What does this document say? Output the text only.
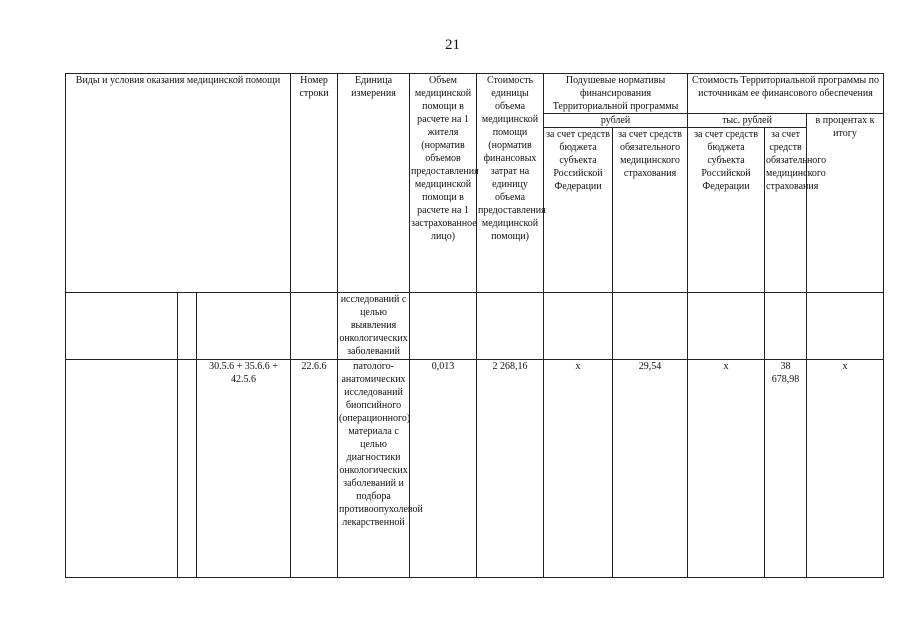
21
Виды и условия оказания медицинской помощи			Номер строки	Единица измерения	Объем медицинской помощи в расчете на 1 жителя (норматив объемов предоставления медицинской помощи в расчете на 1 застрахованное лицо)	Стоимость единицы объема медицинской помощи (норматив финансовых затрат на единицу объема предоставления медицинской помощи)	Подушевые нормативы финансирования Территориальной программы		Стоимость Территориальной программы по источникам ее финансового обеспечения		
							рублей		тыс. рублей		в процентах к итогу
							за счет средств бюджета субъекта Российской Федерации	за счет средств обязательного медицинского страхования	за счет средств бюджета субъекта Российской Федерации	за счет средств обязательного медицинского страхования	
				исследований с целью выявления онкологических заболеваний							
		30.5.6 + 35.6.6 + 42.5.6	22.6.6	патолого-анатомических исследований биопсийного (операционного) материала с целью диагностики онкологических заболеваний и подбора противоопухолевой лекарственной	0,013	2 268,16	x	29,54	x	38 678,98	x
